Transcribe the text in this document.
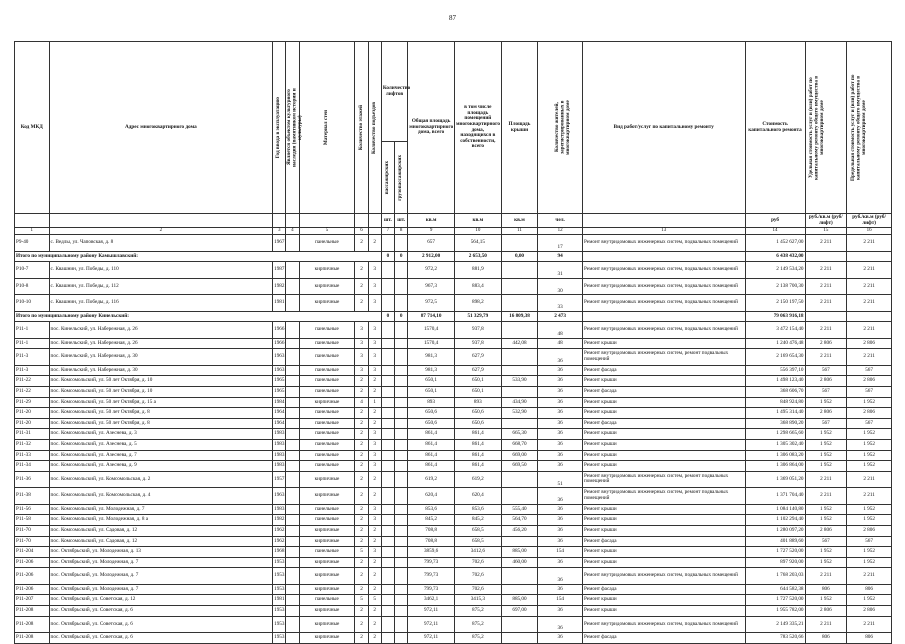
87
Код МКД	Адрес многоквартирного дома	Год ввода в эксплуатацию	Является объектом культурного наследия (памятником истории и культуры)	Материал стен	Количество этажей	Количество подъездов	Количество лифтов		Общая площадь многоквартирного дома, всего	в том числе площадь помещений многоквартирного дома, находящихся в собственности, всего	Площадь крыши	Количество жителей, зарегистрированных в многоквартирном доме	Вид работ/услуг по капитальному ремонту	Стоимость капитального ремонта	Удельная стоимость услуг и (или) работ по капитальному ремонту общего имущества в многоквартирном доме	Предельная стоимость услуг и (или) работ по капитальному ремонту общего имущества в многоквартирном доме

							пассажирских	грузопассажирских								

							шт.	шт.	кв.м	кв.м	кв.м	чел.		руб	руб./кв.м (руб/лифт)	руб./кв.м (руб/лифт)
1	2	3	4	5	6		7	8	9	10	11	12	13	14	15	16
Р9-40	с. Ведлы, ул. Чаповская, д. 8	1967		панельные	2	2			657	564,15		17	Ремонт внутридомовых инженерных систем, подвальных помещений	1 452 627,00	2 211	2 211
Итого по муниципальному району Камышлавский:							0	0	2 912,00	2 653,50	0,00	94		6 438 432,00		
Р10-7	с. Квашнин, ул. Победы, д. 110	1987		кирпичные	2	3			972,2	881,9		31	Ремонт внутридомовых инженерных систем, подвальных помещений	2 149 534,20	2 211	2 211
Р10-8	с. Квашнин, ул. Победы, д. 112	1982		кирпичные	2	3			967,3	883,4		30	Ремонт внутридомовых инженерных систем, подвальных помещений	2 138 700,30	2 211	2 211
Р10-10	с. Квашнин, ул. Победы, д. 116	1981		кирпичные	2	3			972,5	898,2		33	Ремонт внутридомовых инженерных систем, подвальных помещений	2 150 197,50	2 211	2 211
Итого по муниципальному району Кинельский:							0	0	87 714,10	51 329,79	16 809,38	2 473		79 063 916,18		
Р11-1	пос. Кинельский, ул. Набережная, д. 26	1966		панельные	3	3			1570,4	937,8		48	Ремонт внутридомовых инженерных систем, подвальных помещений	3 472 154,40	2 211	2 211
Р11-1	пос. Кинельский, ул. Набережная, д. 26	1966		панельные	3	3			1570,4	937,8	442,08	48	Ремонт крыши	1 240 476,48	2 806	2 806
Р11-3	пос. Кинельский, ул. Набережная, д. 30	1963		панельные	3	3			981,3	627,9		36	Ремонт внутридомовых инженерных систем, ремонт подвальных помещений	2 169 654,30	2 211	2 211
Р11-3	пос. Кинельский, ул. Набережная, д. 30	1963		панельные	3	3			981,3	627,9		36	Ремонт фасада	556 397,10	567	567
Р11-22	пос. Комсомольский, ул. 50 лет Октября, д. 10	1965		панельные	2	2			650,1	650,1	533,90	36	Ремонт крыши	1 498 123,40	2 806	2 806
Р11-22	пос. Комсомольский, ул. 50 лет Октября, д. 10	1965		панельные	2	2			650,1	650,1		36	Ремонт фасада	368 606,70	567	567
Р11-29	пос. Комсомольский, ул. 50 лет Октября, д. 15 а	1984		кирпичные	4	1			893	893	434,90	36	Ремонт крыши	848 924,80	1 952	1 952
Р11-20	пос. Комсомольский, ул. 50 лет Октября, д. 8	1964		панельные	2	2			650,6	650,6	532,90	36	Ремонт крыши	1 495 314,40	2 806	2 806
Р11-20	пос. Комсомольский, ул. 50 лет Октября, д. 8	1964		панельные	2	2			650,6	650,6		36	Ремонт фасада	368 890,20	567	567
Р11-31	пос. Комсомольский, ул. Азеснева, д. 3	1983		панельные	2	3			861,4	861,4	665,30	36	Ремонт крыши	1 298 665,60	1 952	1 952
Р11-32	пос. Комсомольский, ул. Азеснева, д. 5	1983		панельные	2	3			861,4	861,4	668,70	36	Ремонт крыши	1 305 302,40	1 952	1 952
Р11-33	пос. Комсомольский, ул. Азеснева, д. 7	1983		панельные	2	3			861,4	861,4	669,00	36	Ремонт крыши	1 306 083,20	1 952	1 952
Р11-34	пос. Комсомольский, ул. Азеснева, д. 9	1983		панельные	2	3			861,4	861,4	669,50	36	Ремонт крыши	1 306 864,00	1 952	1 952
Р11-36	пос. Комсомольский, ул. Комсомольская, д. 2	1957		кирпичные	2	2			619,2	619,2		51	Ремонт внутридомовых инженерных систем, ремонт подвальных помещений	1 369 051,20	2 211	2 211
Р11-38	пос. Комсомольский, ул. Комсомольская, д. 4	1963		кирпичные	2	2			620,4	620,4		36	Ремонт внутридомовых инженерных систем, ремонт подвальных помещений	1 371 704,40	2 211	2 211
Р11-56	пос. Комсомольский, ул. Молодежная, д. 7	1983		панельные	2	3			853,6	853,6	555,40	36	Ремонт крыши	1 084 140,80	1 952	1 952
Р11-58	пос. Комсомольский, ул. Молодежная, д. 8 а	1982		панельные	2	3			845,2	845,2	564,70	36	Ремонт крыши	1 102 294,40	1 952	1 952
Р11-70	пос. Комсомольский, ул. Садовая, д. 12	1962		кирпичные	2	2			708,8	658,5	456,20	36	Ремонт крыши	1 280 097,20	2 806	2 806
Р11-70	пос. Комсомольский, ул. Садовая, д. 12	1962		кирпичные	2	2			708,8	658,5		36	Ремонт фасада	401 889,60	567	567
Р11-204	пос. Октябрьский, ул. Молодежная, д. 13	1968		панельные	5	3			3859,6	3412,6	885,00	154	Ремонт крыши	1 727 520,00	1 952	1 952
Р11-206	пос. Октябрьский, ул. Молодежная, д. 7	1953		кирпичные	2	2			799,73	702,6	460,00	36	Ремонт крыши	897 920,00	1 952	1 952
Р11-206	пос. Октябрьский, ул. Молодежная, д. 7	1953		кирпичные	2	2			799,73	702,6		36	Ремонт внутридомовых инженерных систем, подвальных помещений	1 768 203,03	2 211	2 211
Р11-206	пос. Октябрьский, ул. Молодежная, д. 7	1953		кирпичные	2	2			799,73	702,6		36	Ремонт фасада	644 582,38	806	806
Р11-207	пос. Октябрьский, ул. Советская, д. 12	1981		панельные	5	5			3462,1	3415,3	885,00	154	Ремонт крыши	1 727 520,00	1 952	1 952
Р11-208	пос. Октябрьский, ул. Советская, д. 6	1953		кирпичные	2	2			972,11	875,2	697,00	36	Ремонт крыши	1 955 782,00	2 806	2 806
Р11-208	пос. Октябрьский, ул. Советская, д. 6	1953		кирпичные	2	2			972,11	875,2		36	Ремонт внутридомовых инженерных систем, подвальных помещений	2 149 335,21	2 211	2 211
Р11-208	пос. Октябрьский, ул. Советская, д. 6	1953		кирпичные	2	2			972,11	875,2		36	Ремонт фасада	783 520,66	806	806
